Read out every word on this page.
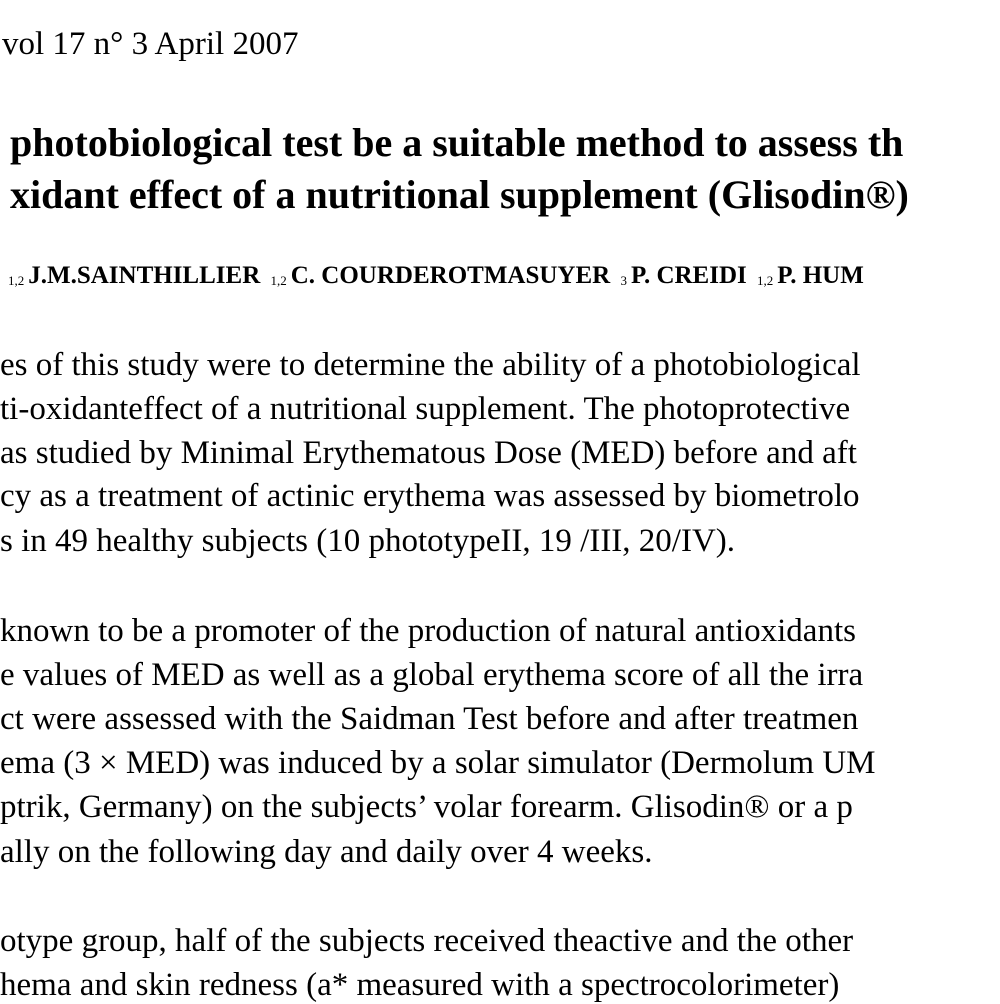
vol 17 n° 3 April 2007

photobiological test be a suitable method to assess th
xidant effect of a nutritional supplement (Glisodin®)
$_{1,2}$ J.M.SAINTHILLIER $_{1,2}$ C. COURDEROTMASUYER $_3$ P. CREIDI $_{1,2}$ P. HUM

es of this study were to determine the ability of a photobiological

ti-oxidanteffect of a nutritional supplement. The photoprotective

as studied by Minimal Erythematous Dose (MED) before and aft

cy as a treatment of actinic erythema was assessed by biometrolo

s in 49 healthy subjects (10 phototypeII, 19 /III, 20/IV).

known to be a promoter of the production of natural antioxidants

e values of MED as well as a global erythema score of all the irra

ct were assessed with the Saidman Test before and after treatmen

ema (3 × MED) was induced by a solar simulator (Dermolum UM

ptrik, Germany) on the subjects’ volar forearm. Glisodin® or a p

ally on the following day and daily over 4 weeks.

otype group, half of the subjects received theactive and the other

hema and skin redness (a* measured with a spectrocolorimeter)
